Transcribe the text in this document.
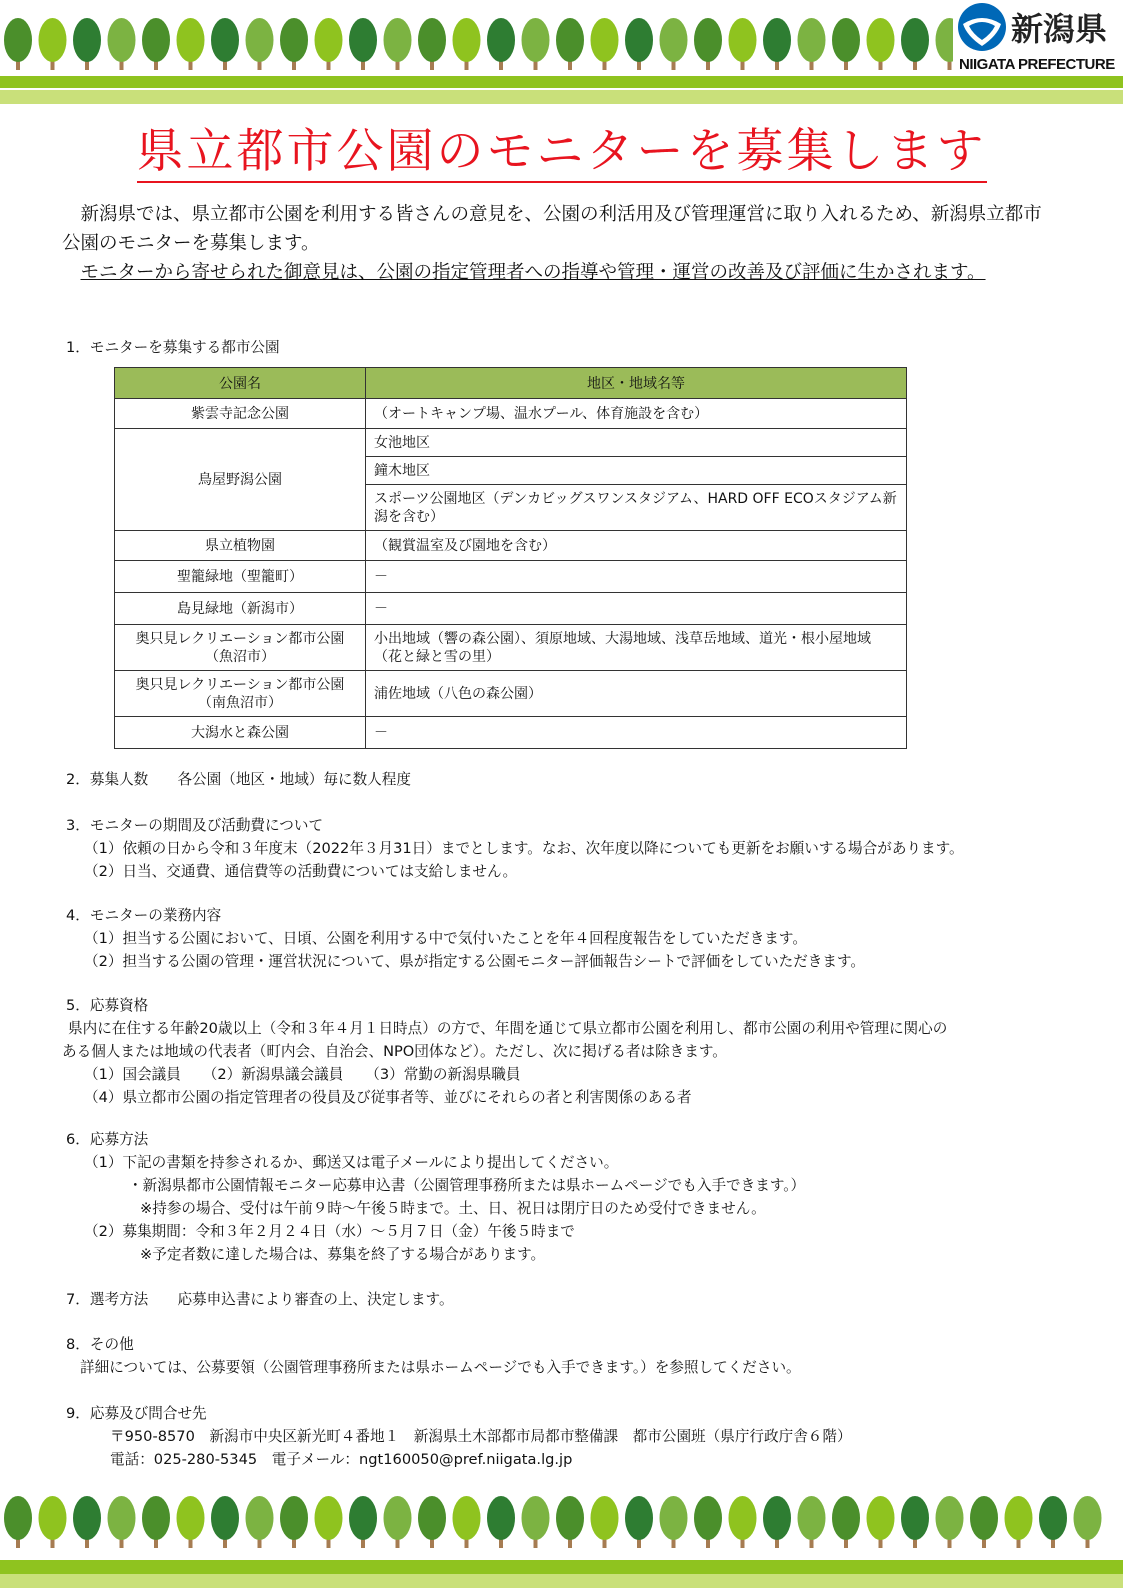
新潟県
NIIGATA PREFECTURE
県立都市公園のモニターを募集します

新潟県では、県立都市公園を利用する皆さんの意見を、公園の利活用及び管理運営に取り入れるため、新潟県立都市公園のモニターを募集します。

モニターから寄せられた御意見は、公園の指定管理者への指導や管理・運営の改善及び評価に生かされます。

1．モニターを募集する都市公園

公園名	地区・地域名等
紫雲寺記念公園	（オートキャンプ場、温水プール、体育施設を含む）
鳥屋野潟公園	女池地区
	鐘木地区
	スポーツ公園地区（デンカビッグスワンスタジアム、HARD OFF ECOスタジアム新潟を含む）
県立植物園	（観賞温室及び園地を含む）
聖籠緑地（聖籠町）	－
島見緑地（新潟市）	－
奥只見レクリエーション都市公園（魚沼市）	小出地域（響の森公園）、須原地域、大湯地域、浅草岳地域、道光・根小屋地域（花と緑と雪の里）
奥只見レクリエーション都市公園（南魚沼市）	浦佐地域（八色の森公園）
大潟水と森公園	－

2．募集人数　　各公園（地区・地域）毎に数人程度

3．モニターの期間及び活動費について

（1）依頼の日から令和３年度末（2022年３月31日）までとします。なお、次年度以降についても更新をお願いする場合があります。

（2）日当、交通費、通信費等の活動費については支給しません。

4．モニターの業務内容

（1）担当する公園において、日頃、公園を利用する中で気付いたことを年４回程度報告をしていただきます。

（2）担当する公園の管理・運営状況について、県が指定する公園モニター評価報告シートで評価をしていただきます。

5．応募資格

県内に在住する年齢20歳以上（令和３年４月１日時点）の方で、年間を通じて県立都市公園を利用し、都市公園の利用や管理に関心の

ある個人または地域の代表者（町内会、自治会、NPO団体など）。ただし、次に掲げる者は除きます。

（1）国会議員　　（2）新潟県議会議員　　（3）常勤の新潟県職員

（4）県立都市公園の指定管理者の役員及び従事者等、並びにそれらの者と利害関係のある者

6．応募方法

（1）下記の書類を持参されるか、郵送又は電子メールにより提出してください。

・新潟県都市公園情報モニター応募申込書（公園管理事務所または県ホームページでも入手できます。）

※持参の場合、受付は午前９時～午後５時まで。土、日、祝日は閉庁日のため受付できません。

（2）募集期間：令和３年２月２４日（水）～５月７日（金）午後５時まで

※予定者数に達した場合は、募集を終了する場合があります。

7．選考方法　　応募申込書により審査の上、決定します。

8．その他

詳細については、公募要領（公園管理事務所または県ホームページでも入手できます。）を参照してください。

9．応募及び問合せ先

〒950-8570　新潟市中央区新光町４番地１　新潟県土木部都市局都市整備課　都市公園班（県庁行政庁舎６階）

電話：025-280-5345　電子メール：ngt160050@pref.niigata.lg.jp
